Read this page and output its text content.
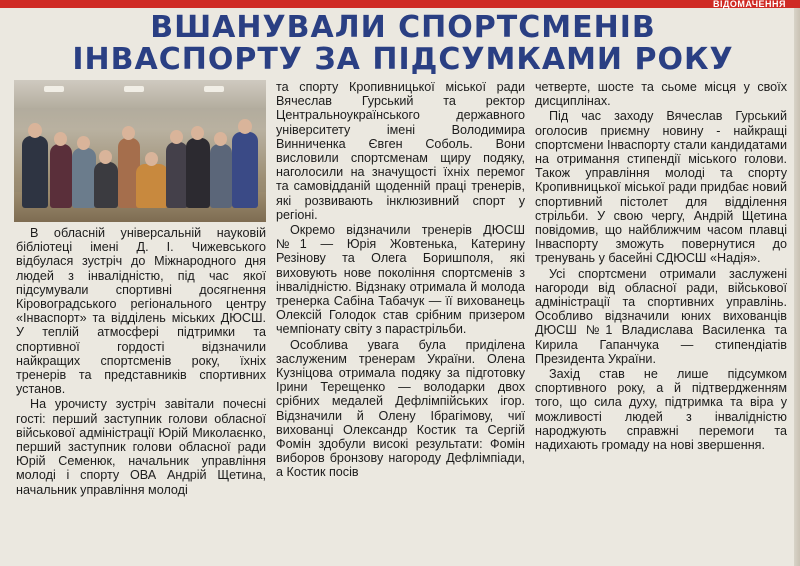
ВІДОМАЧЕННЯ
ВШАНУВАЛИ СПОРТСМЕНІВ
ІНВАСПОРТУ ЗА ПІДСУМКАМИ РОКУ

В обласній універсальній науковій бібліотеці імені Д. І. Чижевського відбулася зустріч до Міжнародного дня людей з інвалідністю, під час якої підсумували спортивні досягнення Кіровоградського регіонального центру «Інваспорт» та відділень міських ДЮСШ. У теплій атмосфері підтримки та спортивної гордості відзначили найкращих спортсменів року, їхніх тренерів та представників спортивних установ.

На урочисту зустріч завітали почесні гості: перший заступник голови обласної військової адміністрації Юрій Миколаєнко, перший заступник голови обласної ради Юрій Семенюк, начальник управління молоді і спорту ОВА Андрій Щетина, начальник управління молоді

та спорту Кропивницької міської ради Вячеслав Гурський та ректор Центральноукраїнського державного університету імені Володимира Винниченка Євген Соболь. Вони висловили спортсменам щиру подяку, наголосили на значущості їхніх перемог та самовідданій щоденній праці тренерів, які розвивають інклюзивний спорт у регіоні.

Окремо відзначили тренерів ДЮСШ №1 — Юрія Жовтенька, Катерину Резінову та Олега Боришполя, які виховують нове покоління спортсменів з інвалідністю. Відзнаку отримала й молода тренерка Сабіна Табачук — її вихованець Олексій Голодок став срібним призером чемпіонату світу з парастрільби.

Особлива увага була приділена заслуженим тренерам України. Олена Кузніцова отримала подяку за підготовку Ірини Терещенко — володарки двох срібних медалей Дефлімпійських ігор. Відзначили й Олену Ібрагімову, чиї вихованці Олександр Костик та Сергій Фомін здобули високі результати: Фомін виборов бронзову нагороду Дефлімпіади, а Костик посів

четверте, шосте та сьоме місця у своїх дисциплінах.

Під час заходу Вячеслав Гурський оголосив приємну новину - найкращі спортсмени Інваспорту стали кандидатами на отримання стипендії міського голови. Також управління молоді та спорту Кропивницької міської ради придбає новий спортивний пістолет для відділення стрільби. У свою чергу, Андрій Щетина повідомив, що найближчим часом плавці Інваспорту зможуть повернутися до тренувань у басейні СДЮСШ «Надія».

Усі спортсмени отримали заслужені нагороди від обласної ради, військової адміністрації та спортивних управлінь. Особливо відзначили юних вихованців ДЮСШ №1 Владислава Василенка та Кирила Гапанчука — стипендіатів Президента України.

Захід став не лише підсумком спортивного року, а й підтвердженням того, що сила духу, підтримка та віра у можливості людей з інвалідністю народжують справжні перемоги та надихають громаду на нові звершення.
